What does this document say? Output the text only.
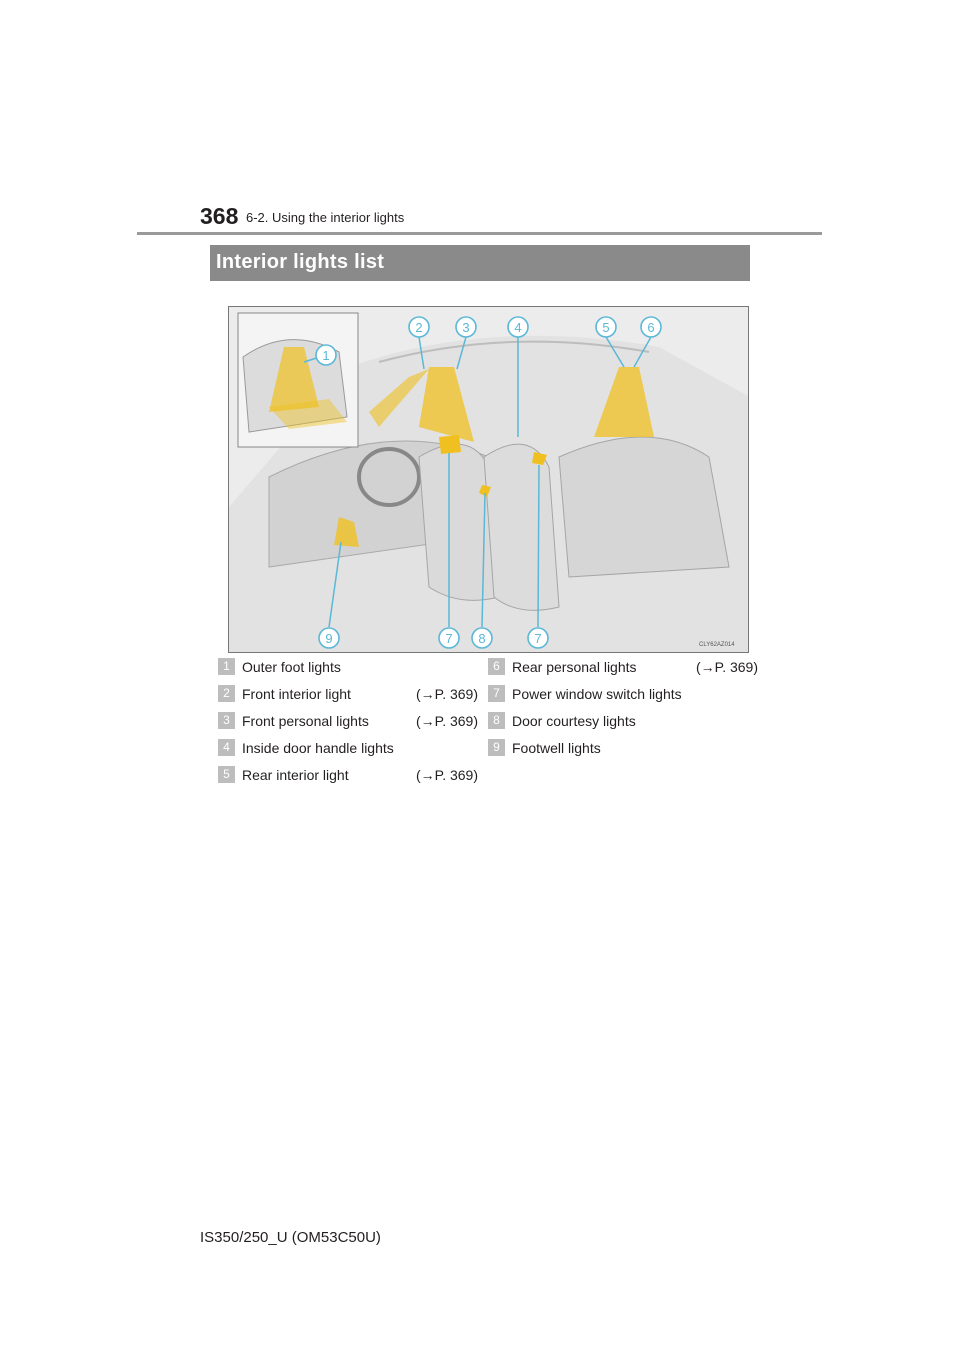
368 6-2. Using the interior lights
Interior lights list
2	3	4	5	6
1
9	7 8	7	CLY62AZ014
1 Outer foot lights
2 Front interior light	(→P. 369)
3 Front personal lights	(→P. 369)
4 Inside door handle lights
5 Rear interior light	(→P. 369)
6 Rear personal lights	(→P. 369)
7 Power window switch lights
8 Door courtesy lights
9 Footwell lights
IS350/250_U (OM53C50U)
